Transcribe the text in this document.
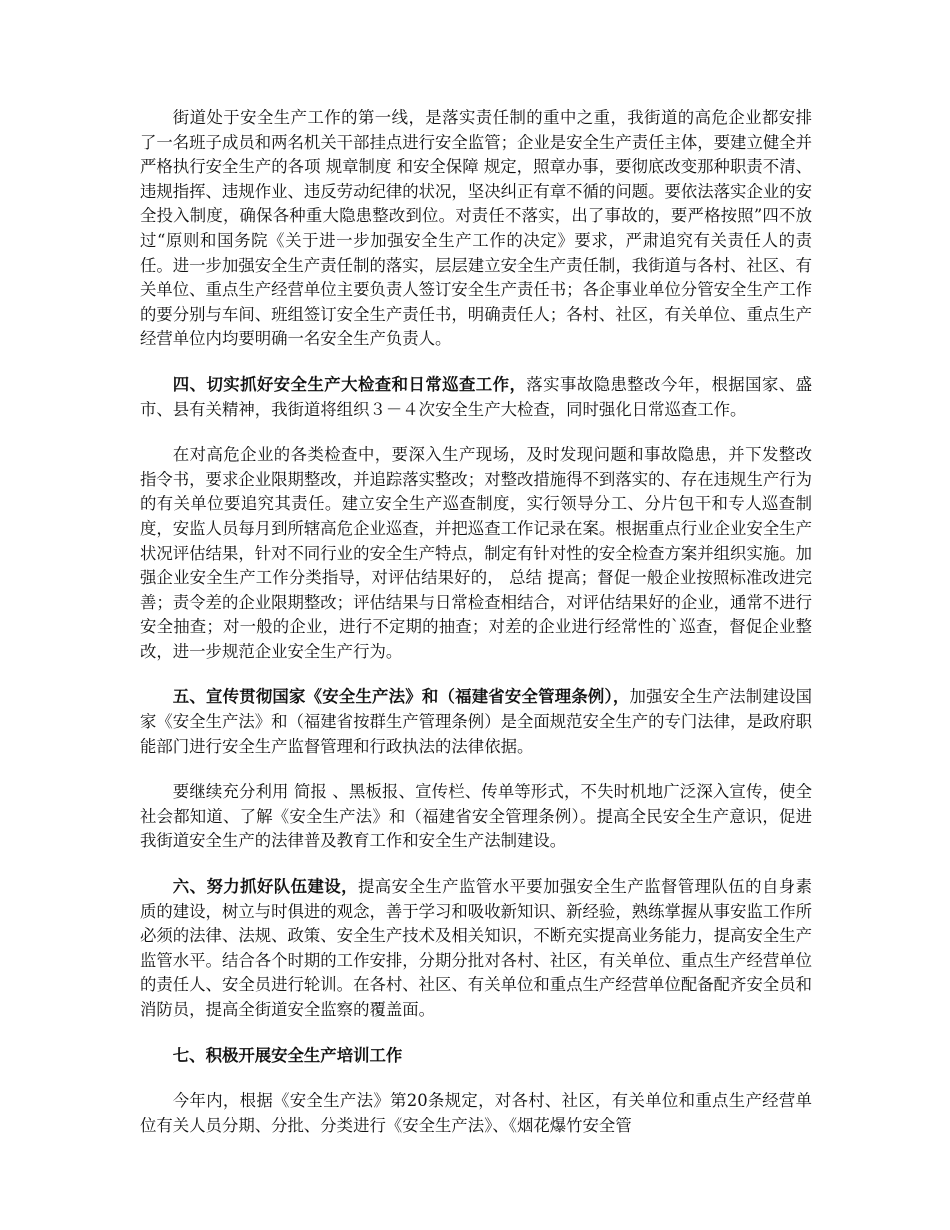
街道处于安全生产工作的第一线，是落实责任制的重中之重，我街道的高危企业都安排了一名班子成员和两名机关干部挂点进行安全监管；企业是安全生产责任主体，要建立健全并严格执行安全生产的各项 规章制度 和安全保障 规定，照章办事，要彻底改变那种职责不清、违规指挥、违规作业、违反劳动纪律的状况，坚决纠正有章不循的问题。要依法落实企业的安全投入制度，确保各种重大隐患整改到位。对责任不落实，出了事故的，要严格按照”四不放过“原则和国务院《关于进一步加强安全生产工作的决定》要求，严肃追究有关责任人的责任。进一步加强安全生产责任制的落实，层层建立安全生产责任制，我街道与各村、社区、有关单位、重点生产经营单位主要负责人签订安全生产责任书；各企事业单位分管安全生产工作的要分别与车间、班组签订安全生产责任书，明确责任人；各村、社区，有关单位、重点生产经营单位内均要明确一名安全生产负责人。

四、切实抓好安全生产大检查和日常巡查工作，落实事故隐患整改今年，根据国家、盛市、县有关精神，我街道将组织３－４次安全生产大检查，同时强化日常巡查工作。

在对高危企业的各类检查中，要深入生产现场，及时发现问题和事故隐患，并下发整改指令书，要求企业限期整改，并追踪落实整改；对整改措施得不到落实的、存在违规生产行为的有关单位要追究其责任。建立安全生产巡查制度，实行领导分工、分片包干和专人巡查制度，安监人员每月到所辖高危企业巡查，并把巡查工作记录在案。根据重点行业企业安全生产状况评估结果，针对不同行业的安全生产特点，制定有针对性的安全检查方案并组织实施。加强企业安全生产工作分类指导，对评估结果好的， 总结 提高；督促一般企业按照标准改进完善；责令差的企业限期整改；评估结果与日常检查相结合，对评估结果好的企业，通常不进行安全抽查；对一般的企业，进行不定期的抽查；对差的企业进行经常性的`巡查，督促企业整改，进一步规范企业安全生产行为。

五、宣传贯彻国家《安全生产法》和（福建省安全管理条例），加强安全生产法制建设国家《安全生产法》和（福建省按群生产管理条例）是全面规范安全生产的专门法律，是政府职能部门进行安全生产监督管理和行政执法的法律依据。

要继续充分利用 简报 、黑板报、宣传栏、传单等形式，不失时机地广泛深入宣传，使全社会都知道、了解《安全生产法》和（福建省安全管理条例）。提高全民安全生产意识，促进我街道安全生产的法律普及教育工作和安全生产法制建设。

六、努力抓好队伍建设，提高安全生产监管水平要加强安全生产监督管理队伍的自身素质的建设，树立与时俱进的观念，善于学习和吸收新知识、新经验，熟练掌握从事安监工作所必须的法律、法规、政策、安全生产技术及相关知识，不断充实提高业务能力，提高安全生产监管水平。结合各个时期的工作安排，分期分批对各村、社区，有关单位、重点生产经营单位的责任人、安全员进行轮训。在各村、社区、有关单位和重点生产经营单位配备配齐安全员和消防员，提高全街道安全监察的覆盖面。

七、积极开展安全生产培训工作

今年内，根据《安全生产法》第20条规定，对各村、社区，有关单位和重点生产经营单位有关人员分期、分批、分类进行《安全生产法》、《烟花爆竹安全管
